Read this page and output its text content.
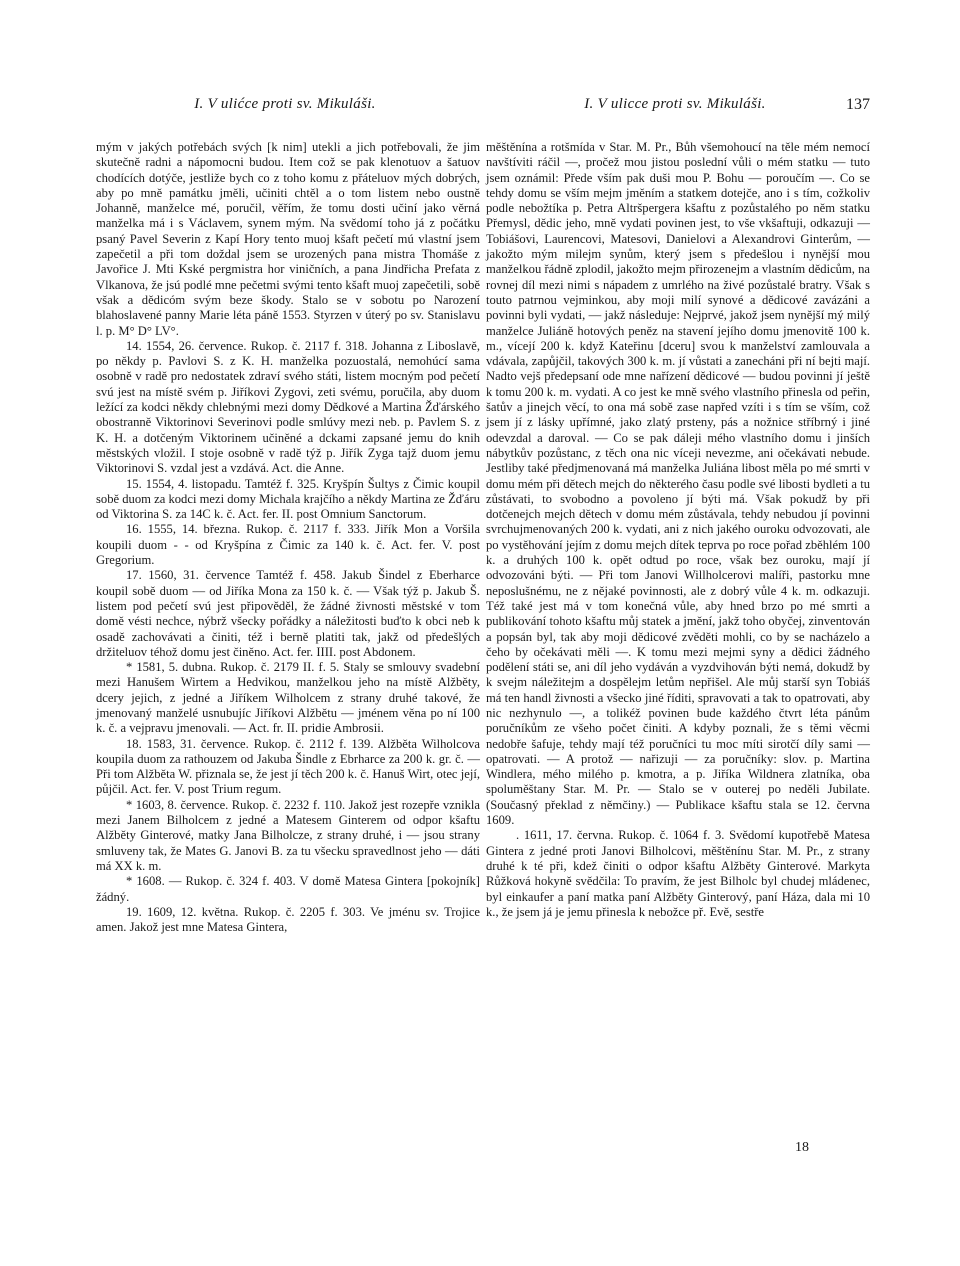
I. V ulićce proti sv. Mikuláši.	I. V ulicce proti sv. Mikuláši.	137

mým v jakých potřebách svých [k nim] utekli a jich potřebovali, že jim skutečně radni a nápomocni budou. Item což se pak klenotuov a šatuov chodících dotýče, jestliže bych co z toho komu z přáteluov mých dobrých, aby po mně památku jměli, učiniti chtěl a o tom listem nebo oustně Johanně, manželce mé, poručil, věřím, že tomu dosti učiní jako věrná manželka má i s Václavem, synem mým. Na svědomí toho já z počátku psaný Pavel Severin z Kapí Hory tento muoj kšaft pečetí mú vlastní jsem zapečetil a při tom doždal jsem se urozených pana mistra Thomáše z Javořice J. Mti Kské pergmistra hor viničních, a pana Jindřicha Prefata z Vlkanova, že jsú podlé mne pečetmi svými tento kšaft muoj zapečetili, sobě však a dědicóm svým beze škody. Stalo se v sobotu po Narození blahoslavené panny Marie léta páně 1553. Styrzen v úterý po sv. Stanislavu l. p. M° D° LV°.

14. 1554, 26. července. Rukop. č. 2117 f. 318. Johanna z Liboslavě, po někdy p. Pavlovi S. z K. H. manželka pozuostalá, nemohúcí sama osobně v radě pro nedostatek zdraví svého státi, listem mocným pod pečetí svú jest na místě svém p. Jiříkovi Zygovi, zeti svému, poručila, aby duom ležící za kodci někdy chlebnými mezi domy Dědkové a Martina Žďárského obostranně Viktorinovi Severinovi podle smlúvy mezi neb. p. Pavlem S. z K. H. a dotčeným Viktorinem učiněné a dckami zapsané jemu do knih městských vložil. I stoje osobně v radě týž p. Jiřík Zyga tajž duom jemu Viktorinovi S. vzdal jest a vzdává. Act. die Anne.

15. 1554, 4. listopadu. Tamtéž f. 325. Kryšpín Šultys z Čimic koupil sobě duom za kodci mezi domy Michala krajčího a někdy Martina ze Žďáru od Viktorina S. za 14C k. č. Act. fer. II. post Omnium Sanctorum.

16. 1555, 14. března. Rukop. č. 2117 f. 333. Jiřík Mon a Voršila koupili duom - - od Kryšpína z Čimic za 140 k. č. Act. fer. V. post Gregorium.

17. 1560, 31. července Tamtéž f. 458. Jakub Šindel z Eberharce koupil sobě duom — od Jiříka Mona za 150 k. č. — Však týž p. Jakub Š. listem pod pečetí svú jest připověděl, že žádné živnosti městské v tom domě vésti nechce, nýbrž všecky pořádky a náležitosti buďto k obci neb k osadě zachovávati a činiti, též i berně platiti tak, jakž od předešlých držiteluov téhož domu jest činěno. Act. fer. IIII. post Abdonem.

* 1581, 5. dubna. Rukop. č. 2179 II. f. 5. Staly se smlouvy svadební mezi Hanušem Wirtem a Hedvikou, manželkou jeho na místě Alžběty, dcery jejich, z jedné a Jiříkem Wilholcem z strany druhé takové, že jmenovaný manželé usnubujíc Jiříkovi Alžbětu — jménem věna po ní 100 k. č. a vejpravu jmenovali. — Act. fr. II. pridie Ambrosii.

18. 1583, 31. července. Rukop. č. 2112 f. 139. Alžběta Wilholcova koupila duom za rathouzem od Jakuba Šindle z Ebrharce za 200 k. gr. č. — Při tom Alžběta W. přiznala se, že jest jí těch 200 k. č. Hanuš Wirt, otec její, půjčil. Act. fer. V. post Trium regum.

* 1603, 8. července. Rukop. č. 2232 f. 110. Jakož jest rozepře vznikla mezi Janem Bilholcem z jedné a Matesem Ginterem od odpor kšaftu Alžběty Ginterové, matky Jana Bilholcze, z strany druhé, i — jsou strany smluveny tak, že Mates G. Janovi B. za tu všecku spravedlnost jeho — dáti má XX k. m.

* 1608. — Rukop. č. 324 f. 403. V domě Matesa Gintera [pokojník] žádný.

19. 1609, 12. května. Rukop. č. 2205 f. 303. Ve jménu sv. Trojice amen. Jakož jest mne Matesa Gintera,

měštěnína a rotšmída v Star. M. Pr., Bůh všemohoucí na těle mém nemocí navštíviti ráčil —, pročež mou jistou poslední vůli o mém statku — tuto jsem oznámil: Přede vším pak duši mou P. Bohu — poroučím —. Co se tehdy domu se vším mejm jměním a statkem dotejče, ano i s tím, cožkoliv podle nebožtíka p. Petra Altršpergera kšaftu z pozůstalého po něm statku Přemysl, dědic jeho, mně vydati povinen jest, to vše vkšaftuji, odkazuji — Tobiášovi, Laurencovi, Matesovi, Danielovi a Alexandrovi Ginterům, — jakožto mým milejm synům, který jsem s předešlou i nynější mou manželkou řádně zplodil, jakožto mejm přirozenejm a vlastním dědicům, na rovnej díl mezi nimi s nápadem z umrlého na živé pozůstalé bratry. Však s touto patrnou vejminkou, aby moji milí synové a dědicové zavázáni a povinni byli vydati, — jakž následuje: Nejprvé, jakož jsem nynější mý milý manželce Juliáně hotových peněz na stavení jejího domu jmenovitě 100 k. m., vícejí 200 k. když Kateřinu [dceru] svou k manželství zamlouvala a vdávala, zapůjčil, takových 300 k. m. jí vůstati a zanecháni při ní bejti mají. Nadto vejš předepsaní ode mne nařízení dědicové — budou povinni jí ještě k tomu 200 k. m. vydati. A co jest ke mně svého vlastního přinesla od peřin, šatův a jinejch věcí, to ona má sobě zase napřed vzíti i s tím se vším, což jsem jí z lásky upřímné, jako zlatý prsteny, pás a nožnice stříbrný i jiné odevzdal a daroval. — Co se pak dáleji mého vlastního domu i jinších nábytkův pozůstanc, z těch ona nic víceji nevezme, ani očekávati nebude. Jestliby také předjmenovaná má manželka Juliána libost měla po mé smrti v domu mém při dětech mejch do některého času podle své libosti bydleti a tu zůstávati, to svobodno a povoleno jí býti má. Však pokudž by při dotčenejch mejch dětech v domu mém zůstávala, tehdy nebudou jí povinni svrchujmenovaných 200 k. vydati, ani z nich jakého ouroku odvozovati, ale po vystěhování jejím z domu mejch dítek teprva po roce pořad zběhlém 100 k. a druhých 100 k. opět odtud po roce, však bez ouroku, mají jí odvozováni býti. — Při tom Janovi Willholcerovi malíři, pastorku mne neposlušnému, ne z nějaké povinnosti, ale z dobrý vůle 4 k. m. odkazuji. Též také jest má v tom konečná vůle, aby hned brzo po mé smrti a publikování tohoto kšaftu můj statek a jmění, jakž toho obyčej, zinventován a popsán byl, tak aby moji dědicové zvěděti mohli, co by se nacházelo a čeho by očekávati měli —. K tomu mezi mejmi syny a dědici žádného podělení státi se, ani díl jeho vydáván a vyzdvihován býti nemá, dokudž by k svejm náležitejm a dospělejm letům nepřišel. Ale můj starší syn Tobiáš má ten handl živnosti a všecko jiné říditi, spravovati a tak to opatrovati, aby nic nezhynulo —, a tolikéž povinen bude každého čtvrt léta pánům poručníkům ze všeho počet činiti. A kdyby poznali, že s těmi věcmi nedobře šafuje, tehdy mají též poručníci tu moc míti sirotčí díly sami — opatrovati. — A protož — nařizuji — za poručníky: slov. p. Martina Windlera, mého milého p. kmotra, a p. Jiříka Wildnera zlatníka, oba spoluměštany Star. M. Pr. — Stalo se v outerej po neděli Jubilate. (Současný překlad z němčiny.) — Publikace kšaftu stala se 12. června 1609.

. 1611, 17. června. Rukop. č. 1064 f. 3. Svědomí kupotřebě Matesa Gintera z jedné proti Janovi Bilholcovi, měštěnínu Star. M. Pr., z strany druhé k té při, kdež činiti o odpor kšaftu Alžběty Ginterové. Markyta Růžková hokyně svědčila: To pravím, že jest Bilholc byl chudej mládenec, byl einkaufer a paní matka paní Alžběty Ginterový, paní Háza, dala mi 10 k., že jsem já je jemu přinesla k nebožce př. Evě, sestře

18
